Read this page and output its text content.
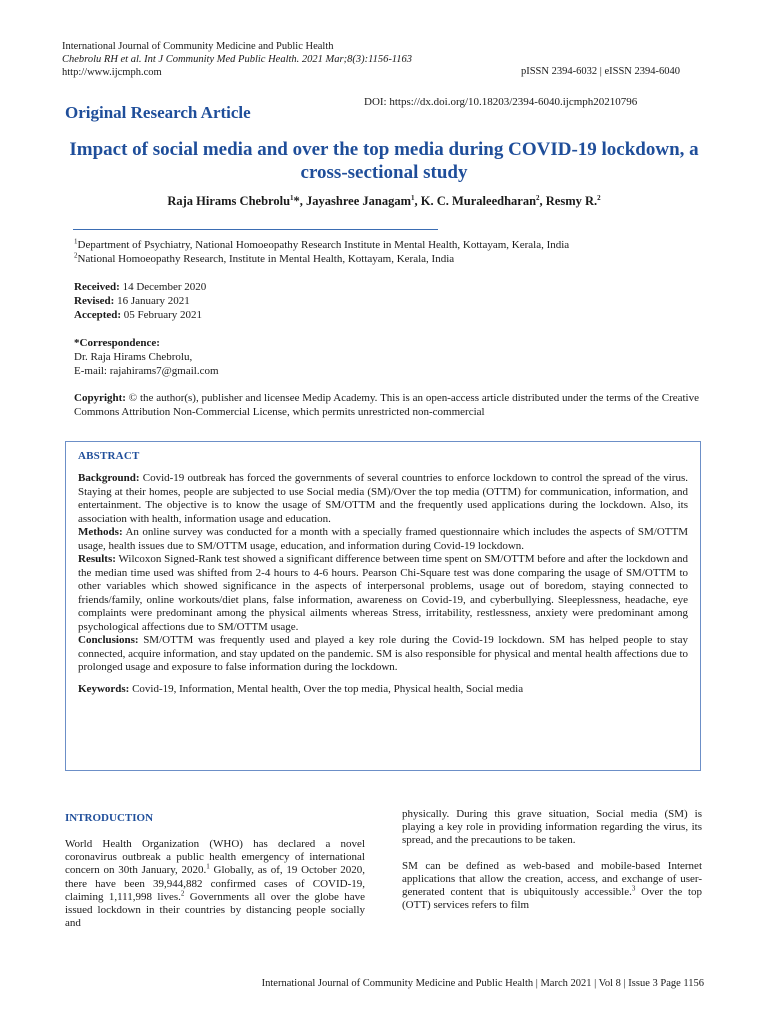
International Journal of Community Medicine and Public Health
Chebrolu RH et al. Int J Community Med Public Health. 2021 Mar;8(3):1156-1163
http://www.ijcmph.com	pISSN 2394-6032 | eISSN 2394-6040
DOI: https://dx.doi.org/10.18203/2394-6040.ijcmph20210796
Original Research Article
Impact of social media and over the top media during COVID-19 lockdown, a cross-sectional study
Raja Hirams Chebrolu$^1$*, Jayashree Janagam$^1$, K. C. Muraleedharan$^2$, Resmy R.$^2$
$^1$Department of Psychiatry, National Homoeopathy Research Institute in Mental Health, Kottayam, Kerala, India
$^2$National Homoeopathy Research, Institute in Mental Health, Kottayam, Kerala, India
Received: 14 December 2020
Revised: 16 January 2021
Accepted: 05 February 2021
*Correspondence:
Dr. Raja Hirams Chebrolu,
E-mail: rajahirams7@gmail.com
Copyright: © the author(s), publisher and licensee Medip Academy. This is an open-access article distributed under the terms of the Creative Commons Attribution Non-Commercial License, which permits unrestricted non-commercial
ABSTRACT

Background: Covid-19 outbreak has forced the governments of several countries to enforce lockdown to control the spread of the virus. Staying at their homes, people are subjected to use Social media (SM)/Over the top media (OTTM) for communication, information, and entertainment. The objective is to know the usage of SM/OTTM and the frequently used applications during the lockdown. Also, its association with health, information usage and education.

Methods: An online survey was conducted for a month with a specially framed questionnaire which includes the aspects of SM/OTTM usage, health issues due to SM/OTTM usage, education, and information during Covid-19 lockdown.

Results: Wilcoxon Signed-Rank test showed a significant difference between time spent on SM/OTTM before and after the lockdown and the median time used was shifted from 2-4 hours to 4-6 hours. Pearson Chi-Square test was done comparing the usage of SM/OTTM to other variables which showed significance in the aspects of interpersonal problems, usage out of boredom, staying connected to friends/family, online workouts/diet plans, false information, awareness on Covid-19, and cyberbullying. Sleeplessness, headache, eye complaints were predominant among the physical ailments whereas Stress, irritability, restlessness, anxiety were predominant among psychological affections due to SM/OTTM usage.

Conclusions: SM/OTTM was frequently used and played a key role during the Covid-19 lockdown. SM has helped people to stay connected, acquire information, and stay updated on the pandemic. SM is also responsible for physical and mental health affections due to prolonged usage and exposure to false information during the lockdown.

Keywords: Covid-19, Information, Mental health, Over the top media, Physical health, Social media
INTRODUCTION

World Health Organization (WHO) has declared a novel coronavirus outbreak a public health emergency of international concern on 30th January, 2020.$^1$ Globally, as of, 19 October 2020, there have been 39,944,882 confirmed cases of COVID-19, claiming 1,111,998 lives.$^2$ Governments all over the globe have issued lockdown in their countries by distancing people socially and

physically. During this grave situation, Social media (SM) is playing a key role in providing information regarding the virus, its spread, and the precautions to be taken.

SM can be defined as web-based and mobile-based Internet applications that allow the creation, access, and exchange of user-generated content that is ubiquitously accessible.$^3$ Over the top (OTT) services refers to film

International Journal of Community Medicine and Public Health | March 2021 | Vol 8 | Issue 3 Page 1156
